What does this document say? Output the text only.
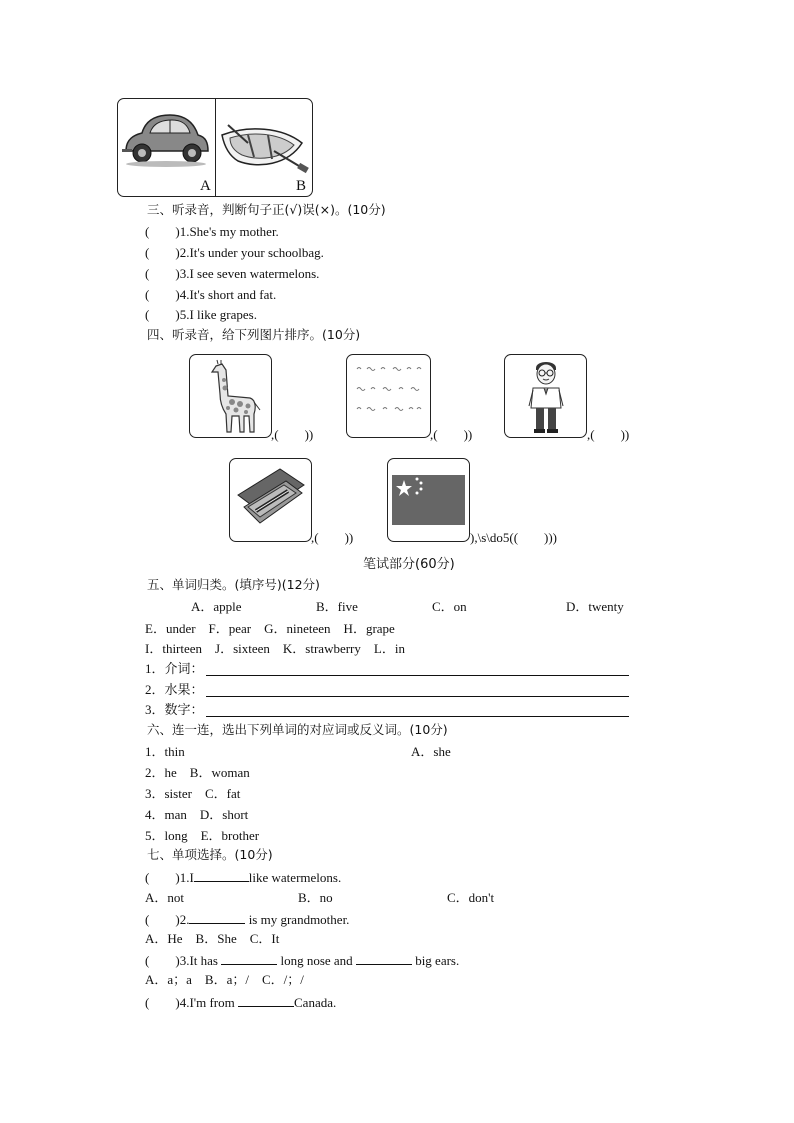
A	B
三、听录音，判断句子正(√)误(×)。(10分)
( )1.She's my mother.
( )2.It's under your schoolbag.
( )3.I see seven watermelons.
( )4.It's short and fat.
( )5.I like grapes.
四、听录音，给下列图片排序。(10分)
,(　　))	,(　　))	,(　　))
,(　　))	),\s\do5((　　)))
笔试部分(60分)
五、单词归类。(填序号)(12分)
A．apple	B．five	C．on	D．twenty
E．under　F．pear　G．nineteen　H．grape
I．thirteen　J．sixteen　K．strawberry　L．in
1．介词：
2．水果：
3．数字：
六、连一连，选出下列单词的对应词或反义词。(10分)
1．thin	A．she
2．he　B．woman
3．sister　C．fat
4．man　D．short
5．long　E．brother
七、单项选择。(10分)
( )1.I	like watermelons.
A．not	B．no	C．don't
( )2.	is my grandmother.
A．He　B．She　C．It
( )3.It has	long nose and	big ears.
A．a；a　B．a；/　C．/；/
( )4.I'm from	Canada.
